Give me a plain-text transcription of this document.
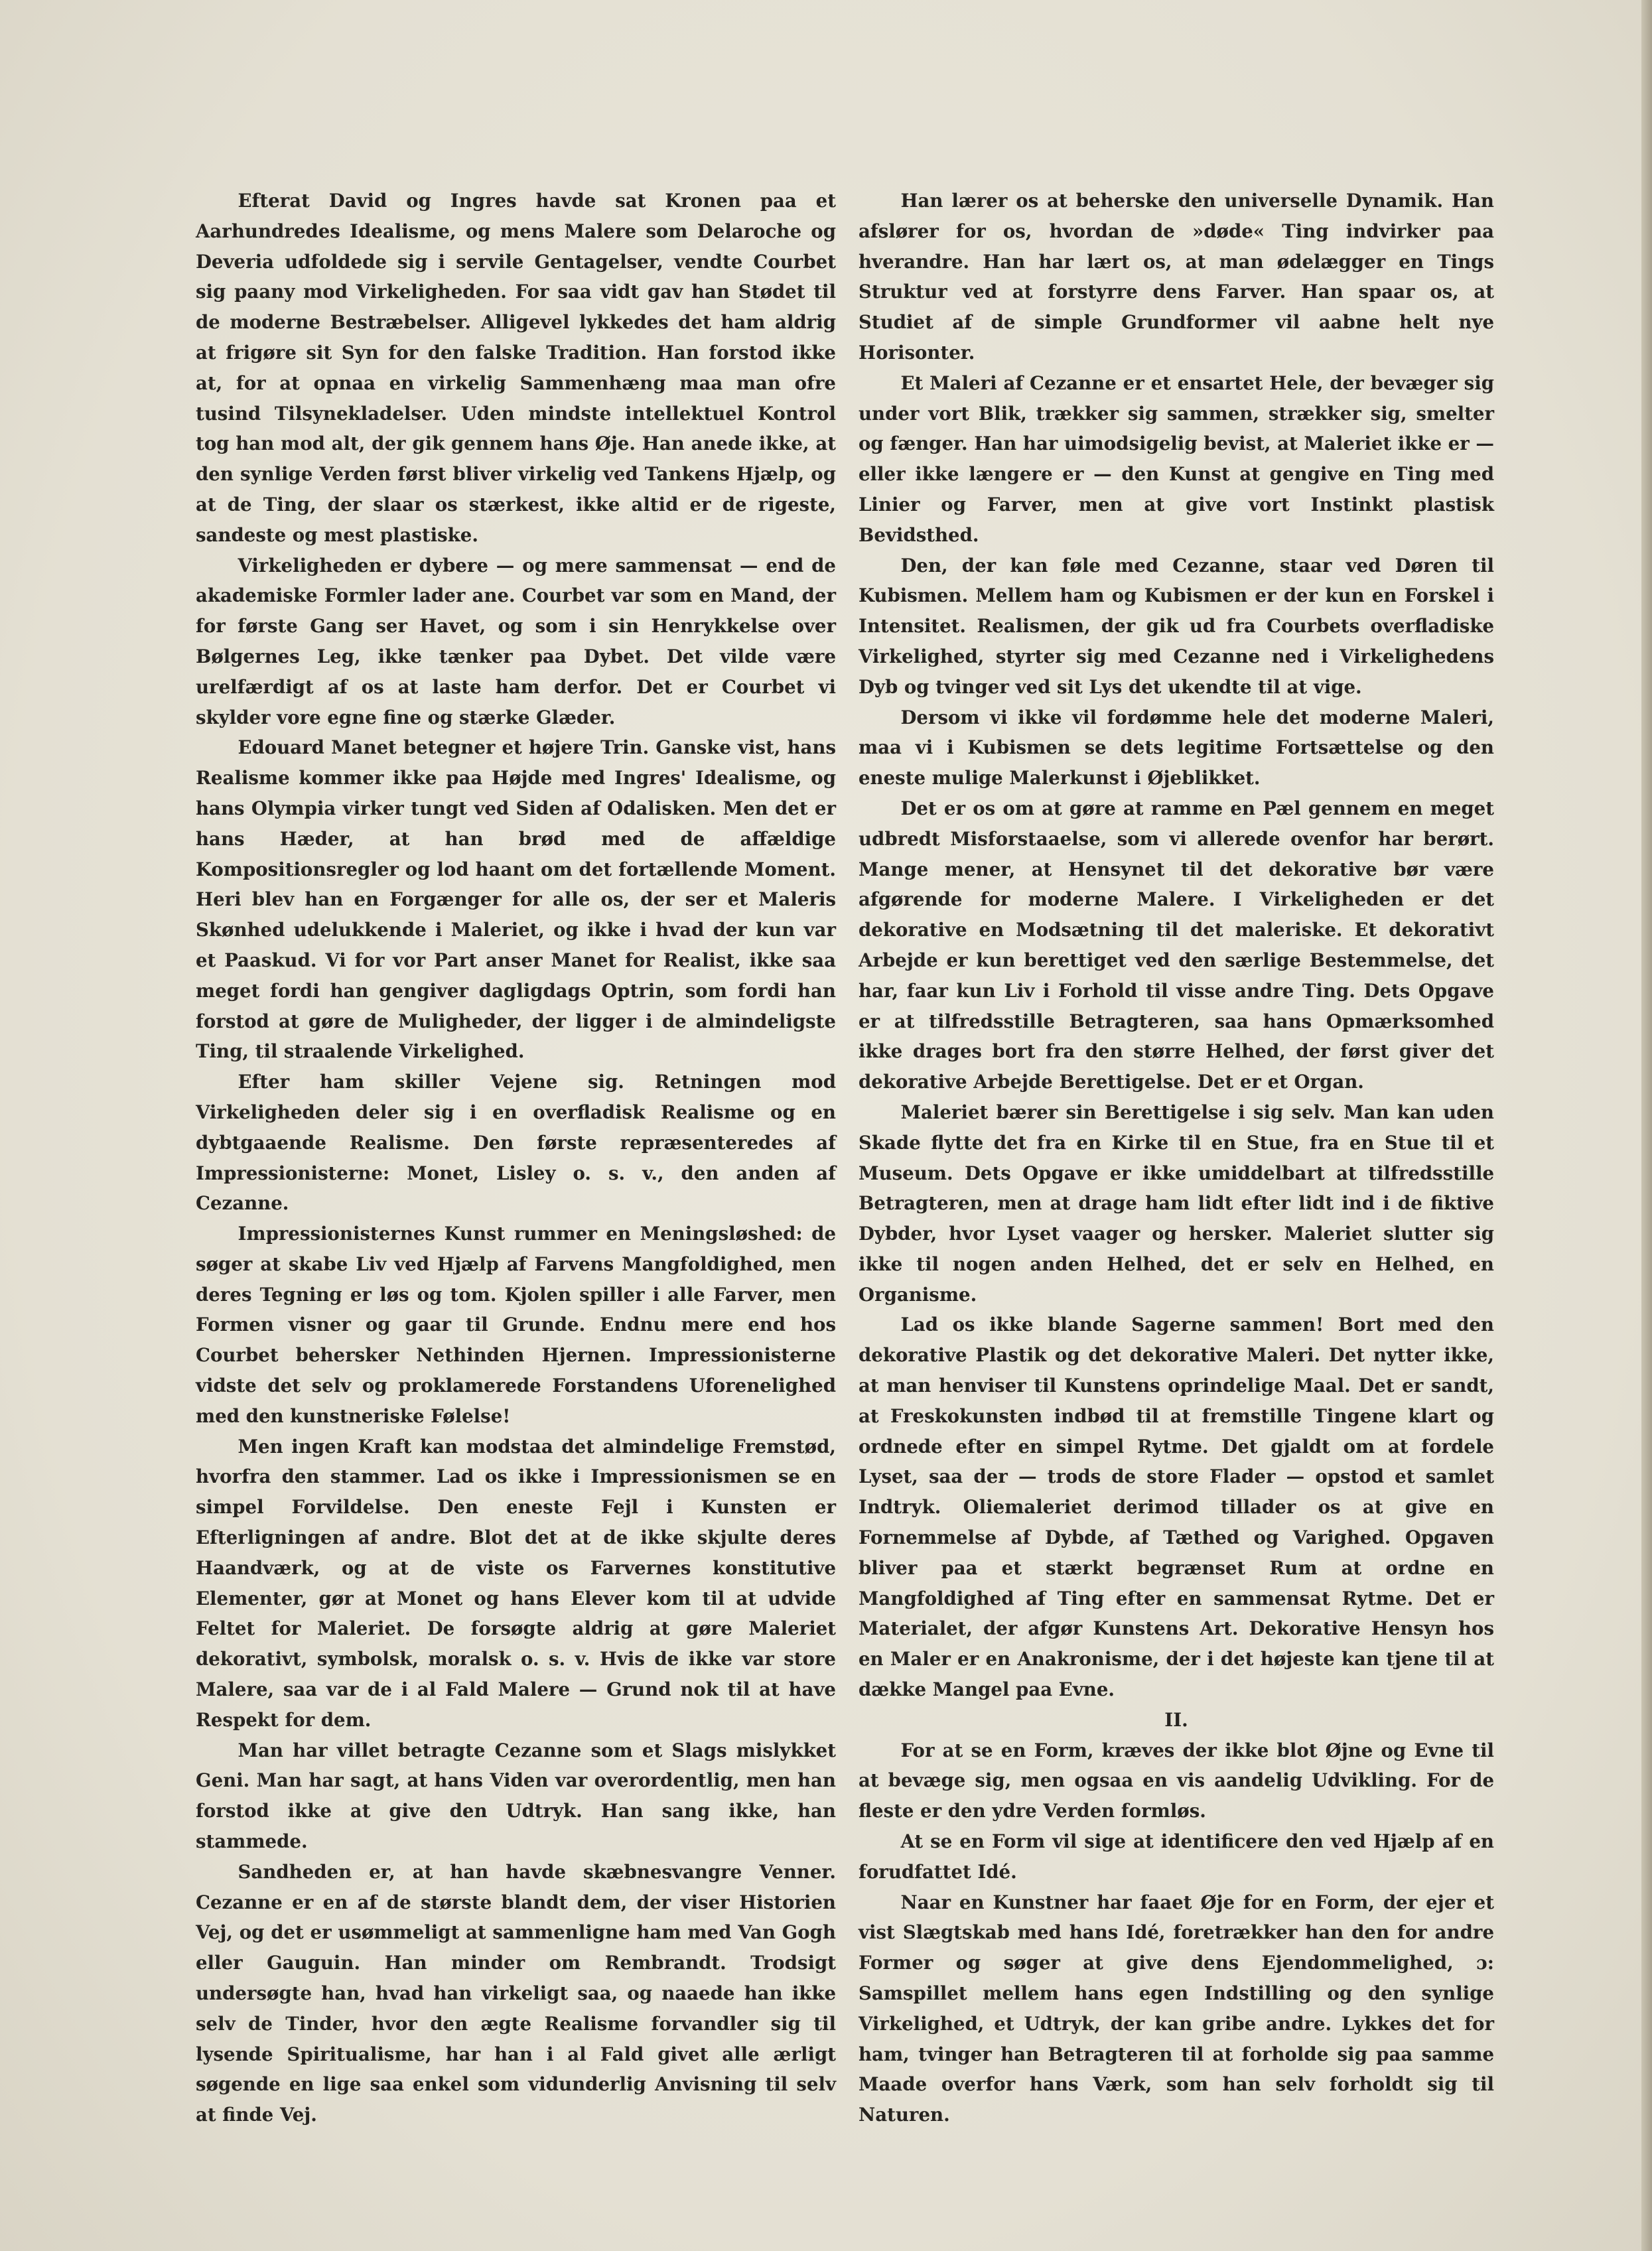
Efterat David og Ingres havde sat Kronen paa et Aarhundredes Idealisme, og mens Malere som Delaroche og Deveria udfoldede sig i servile Gentagelser, vendte Courbet sig paany mod Virkeligheden. For saa vidt gav han Stødet til de moderne Bestræbelser. Alligevel lykkedes det ham aldrig at frigøre sit Syn for den falske Tradition. Han forstod ikke at, for at opnaa en virkelig Sammenhæng maa man ofre tusind Tilsynekladelser. Uden mindste intellektuel Kontrol tog han mod alt, der gik gennem hans Øje. Han anede ikke, at den synlige Verden først bliver virkelig ved Tankens Hjælp, og at de Ting, der slaar os stærkest, ikke altid er de rigeste, sandeste og mest plastiske.

Virkeligheden er dybere — og mere sammensat — end de akademiske Formler lader ane. Courbet var som en Mand, der for første Gang ser Havet, og som i sin Henrykkelse over Bølgernes Leg, ikke tænker paa Dybet. Det vilde være urelfærdigt af os at laste ham derfor. Det er Courbet vi skylder vore egne fine og stærke Glæder.

Edouard Manet betegner et højere Trin. Ganske vist, hans Realisme kommer ikke paa Højde med Ingres' Idealisme, og hans Olympia virker tungt ved Siden af Odalisken. Men det er hans Hæder, at han brød med de affældige Kompositionsregler og lod haant om det fortællende Moment. Heri blev han en Forgænger for alle os, der ser et Maleris Skønhed udelukkende i Maleriet, og ikke i hvad der kun var et Paaskud. Vi for vor Part anser Manet for Realist, ikke saa meget fordi han gengiver dagligdags Optrin, som fordi han forstod at gøre de Muligheder, der ligger i de almindeligste Ting, til straalende Virkelighed.

Efter ham skiller Vejene sig. Retningen mod Virkeligheden deler sig i en overfladisk Realisme og en dybtgaaende Realisme. Den første repræsenteredes af Impressionisterne: Monet, Lisley o. s. v., den anden af Cezanne.

Impressionisternes Kunst rummer en Meningsløshed: de søger at skabe Liv ved Hjælp af Farvens Mangfoldighed, men deres Tegning er løs og tom. Kjolen spiller i alle Farver, men Formen visner og gaar til Grunde. Endnu mere end hos Courbet behersker Nethinden Hjernen. Impressionisterne vidste det selv og proklamerede Forstandens Uforenelighed med den kunstneriske Følelse!

Men ingen Kraft kan modstaa det almindelige Fremstød, hvorfra den stammer. Lad os ikke i Impressionismen se en simpel Forvildelse. Den eneste Fejl i Kunsten er Efterligningen af andre. Blot det at de ikke skjulte deres Haandværk, og at de viste os Farvernes konstitutive Elementer, gør at Monet og hans Elever kom til at udvide Feltet for Maleriet. De forsøgte aldrig at gøre Maleriet dekorativt, symbolsk, moralsk o. s. v. Hvis de ikke var store Malere, saa var de i al Fald Malere — Grund nok til at have Respekt for dem.

Man har villet betragte Cezanne som et Slags mislykket Geni. Man har sagt, at hans Viden var overordentlig, men han forstod ikke at give den Udtryk. Han sang ikke, han stammede.

Sandheden er, at han havde skæbnesvangre Venner. Cezanne er en af de største blandt dem, der viser Historien Vej, og det er usømmeligt at sammenligne ham med Van Gogh eller Gauguin. Han minder om Rembrandt. Trodsigt undersøgte han, hvad han virkeligt saa, og naaede han ikke selv de Tinder, hvor den ægte Realisme forvandler sig til lysende Spiritualisme, har han i al Fald givet alle ærligt søgende en lige saa enkel som vidunderlig Anvisning til selv at finde Vej.

Han lærer os at beherske den universelle Dynamik. Han afslører for os, hvordan de »døde« Ting indvirker paa hverandre. Han har lært os, at man ødelægger en Tings Struktur ved at forstyrre dens Farver. Han spaar os, at Studiet af de simple Grundformer vil aabne helt nye Horisonter.

Et Maleri af Cezanne er et ensartet Hele, der bevæger sig under vort Blik, trækker sig sammen, strækker sig, smelter og fænger. Han har uimodsigelig bevist, at Maleriet ikke er — eller ikke længere er — den Kunst at gengive en Ting med Linier og Farver, men at give vort Instinkt plastisk Bevidsthed.

Den, der kan føle med Cezanne, staar ved Døren til Kubismen. Mellem ham og Kubismen er der kun en Forskel i Intensitet. Realismen, der gik ud fra Courbets overfladiske Virkelighed, styrter sig med Cezanne ned i Virkelighedens Dyb og tvinger ved sit Lys det ukendte til at vige.

Dersom vi ikke vil fordømme hele det moderne Maleri, maa vi i Kubismen se dets legitime Fortsættelse og den eneste mulige Malerkunst i Øjeblikket.

Det er os om at gøre at ramme en Pæl gennem en meget udbredt Misforstaaelse, som vi allerede ovenfor har berørt. Mange mener, at Hensynet til det dekorative bør være afgørende for moderne Malere. I Virkeligheden er det dekorative en Modsætning til det maleriske. Et dekorativt Arbejde er kun berettiget ved den særlige Bestemmelse, det har, faar kun Liv i Forhold til visse andre Ting. Dets Opgave er at tilfredsstille Betragteren, saa hans Opmærksomhed ikke drages bort fra den større Helhed, der først giver det dekorative Arbejde Berettigelse. Det er et Organ.

Maleriet bærer sin Berettigelse i sig selv. Man kan uden Skade flytte det fra en Kirke til en Stue, fra en Stue til et Museum. Dets Opgave er ikke umiddelbart at tilfredsstille Betragteren, men at drage ham lidt efter lidt ind i de fiktive Dybder, hvor Lyset vaager og hersker. Maleriet slutter sig ikke til nogen anden Helhed, det er selv en Helhed, en Organisme.

Lad os ikke blande Sagerne sammen! Bort med den dekorative Plastik og det dekorative Maleri. Det nytter ikke, at man henviser til Kunstens oprindelige Maal. Det er sandt, at Freskokunsten indbød til at fremstille Tingene klart og ordnede efter en simpel Rytme. Det gjaldt om at fordele Lyset, saa der — trods de store Flader — opstod et samlet Indtryk. Oliemaleriet derimod tillader os at give en Fornemmelse af Dybde, af Tæthed og Varighed. Opgaven bliver paa et stærkt begrænset Rum at ordne en Mangfoldighed af Ting efter en sammensat Rytme. Det er Materialet, der afgør Kunstens Art. Dekorative Hensyn hos en Maler er en Anakronisme, der i det højeste kan tjene til at dække Mangel paa Evne.

II.

For at se en Form, kræves der ikke blot Øjne og Evne til at bevæge sig, men ogsaa en vis aandelig Udvikling. For de fleste er den ydre Verden formløs.

At se en Form vil sige at identificere den ved Hjælp af en forudfattet Idé.

Naar en Kunstner har faaet Øje for en Form, der ejer et vist Slægtskab med hans Idé, foretrækker han den for andre Former og søger at give dens Ejendommelighed, ɔ: Samspillet mellem hans egen Indstilling og den synlige Virkelighed, et Udtryk, der kan gribe andre. Lykkes det for ham, tvinger han Betragteren til at forholde sig paa samme Maade overfor hans Værk, som han selv forholdt sig til Naturen.
